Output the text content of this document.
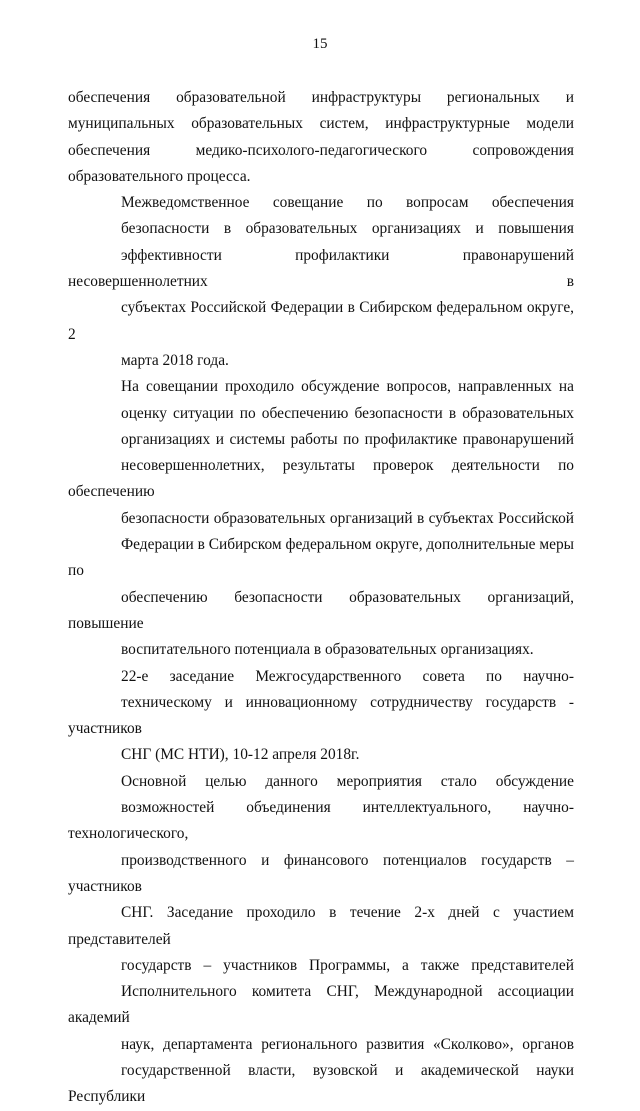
15

обеспечения образовательной инфраструктуры региональных и
муниципальных образовательных систем, инфраструктурные модели
обеспечения медико-психолого-педагогического сопровождения
образовательного процесса.

Межведомственное совещание по вопросам обеспечения
безопасности в образовательных организациях и повышения
эффективности профилактики правонарушений несовершеннолетних в
субъектах Российской Федерации в Сибирском федеральном округе, 2
марта 2018 года.

На совещании проходило обсуждение вопросов, направленных на
оценку ситуации по обеспечению безопасности в образовательных
организациях и системы работы по профилактике правонарушений
несовершеннолетних, результаты проверок деятельности по обеспечению
безопасности образовательных организаций в субъектах Российской
Федерации в Сибирском федеральном округе, дополнительные меры по
обеспечению безопасности образовательных организаций, повышение
воспитательного потенциала в образовательных организациях.

22-е заседание Межгосударственного совета по научно-
техническому и инновационному сотрудничеству государств - участников
СНГ (МС НТИ), 10-12 апреля 2018г.

Основной целью данного мероприятия стало обсуждение
возможностей объединения интеллектуального, научно-технологического,
производственного и финансового потенциалов государств – участников
СНГ. Заседание проходило в течение 2-х дней с участием представителей
государств – участников Программы, а также представителей
Исполнительного комитета СНГ, Международной ассоциации академий
наук, департамента регионального развития «Сколково», органов
государственной власти, вузовской и академической науки Республики
